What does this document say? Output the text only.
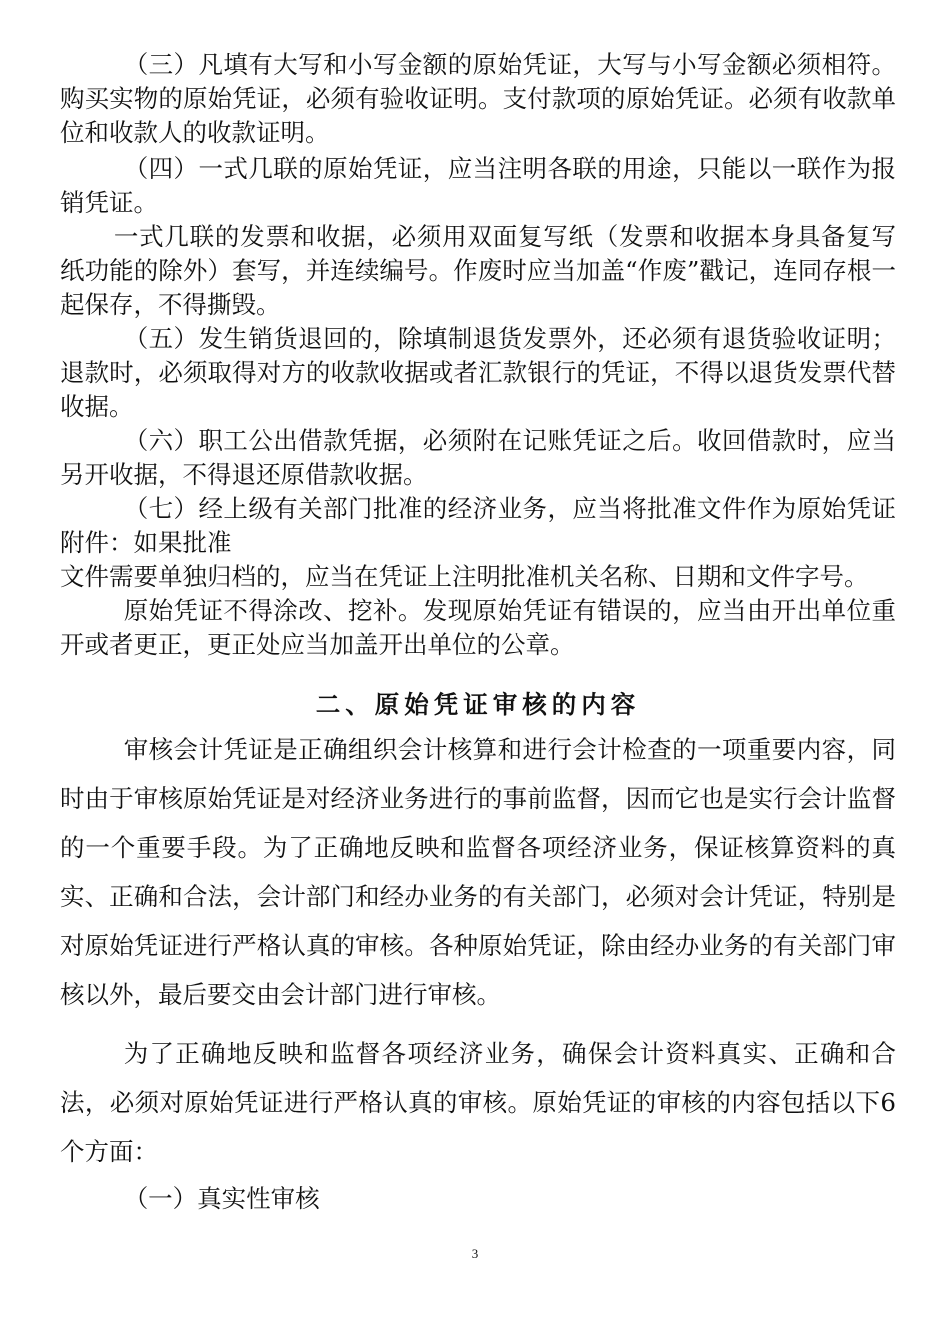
（三）凡填有大写和小写金额的原始凭证，大写与小写金额必须相符。购买实物的原始凭证，必须有验收证明。支付款项的原始凭证。必须有收款单位和收款人的收款证明。

（四）一式几联的原始凭证，应当注明各联的用途，只能以一联作为报销凭证。

一式几联的发票和收据，必须用双面复写纸（发票和收据本身具备复写纸功能的除外）套写，并连续编号。作废时应当加盖“作废”戳记，连同存根一起保存，不得撕毁。

（五）发生销货退回的，除填制退货发票外，还必须有退货验收证明；退款时，必须取得对方的收款收据或者汇款银行的凭证，不得以退货发票代替收据。

（六）职工公出借款凭据，必须附在记账凭证之后。收回借款时，应当另开收据，不得退还原借款收据。

（七）经上级有关部门批准的经济业务，应当将批准文件作为原始凭证附件：如果批准

文件需要单独归档的，应当在凭证上注明批准机关名称、日期和文件字号。

原始凭证不得涂改、挖补。发现原始凭证有错误的，应当由开出单位重开或者更正，更正处应当加盖开出单位的公章。

二、原始凭证审核的内容

审核会计凭证是正确组织会计核算和进行会计检查的一项重要内容，同时由于审核原始凭证是对经济业务进行的事前监督，因而它也是实行会计监督的一个重要手段。为了正确地反映和监督各项经济业务，保证核算资料的真实、正确和合法，会计部门和经办业务的有关部门，必须对会计凭证，特别是对原始凭证进行严格认真的审核。各种原始凭证，除由经办业务的有关部门审核以外，最后要交由会计部门进行审核。

为了正确地反映和监督各项经济业务，确保会计资料真实、正确和合法，必须对原始凭证进行严格认真的审核。原始凭证的审核的内容包括以下6个方面：

（一）真实性审核

3
